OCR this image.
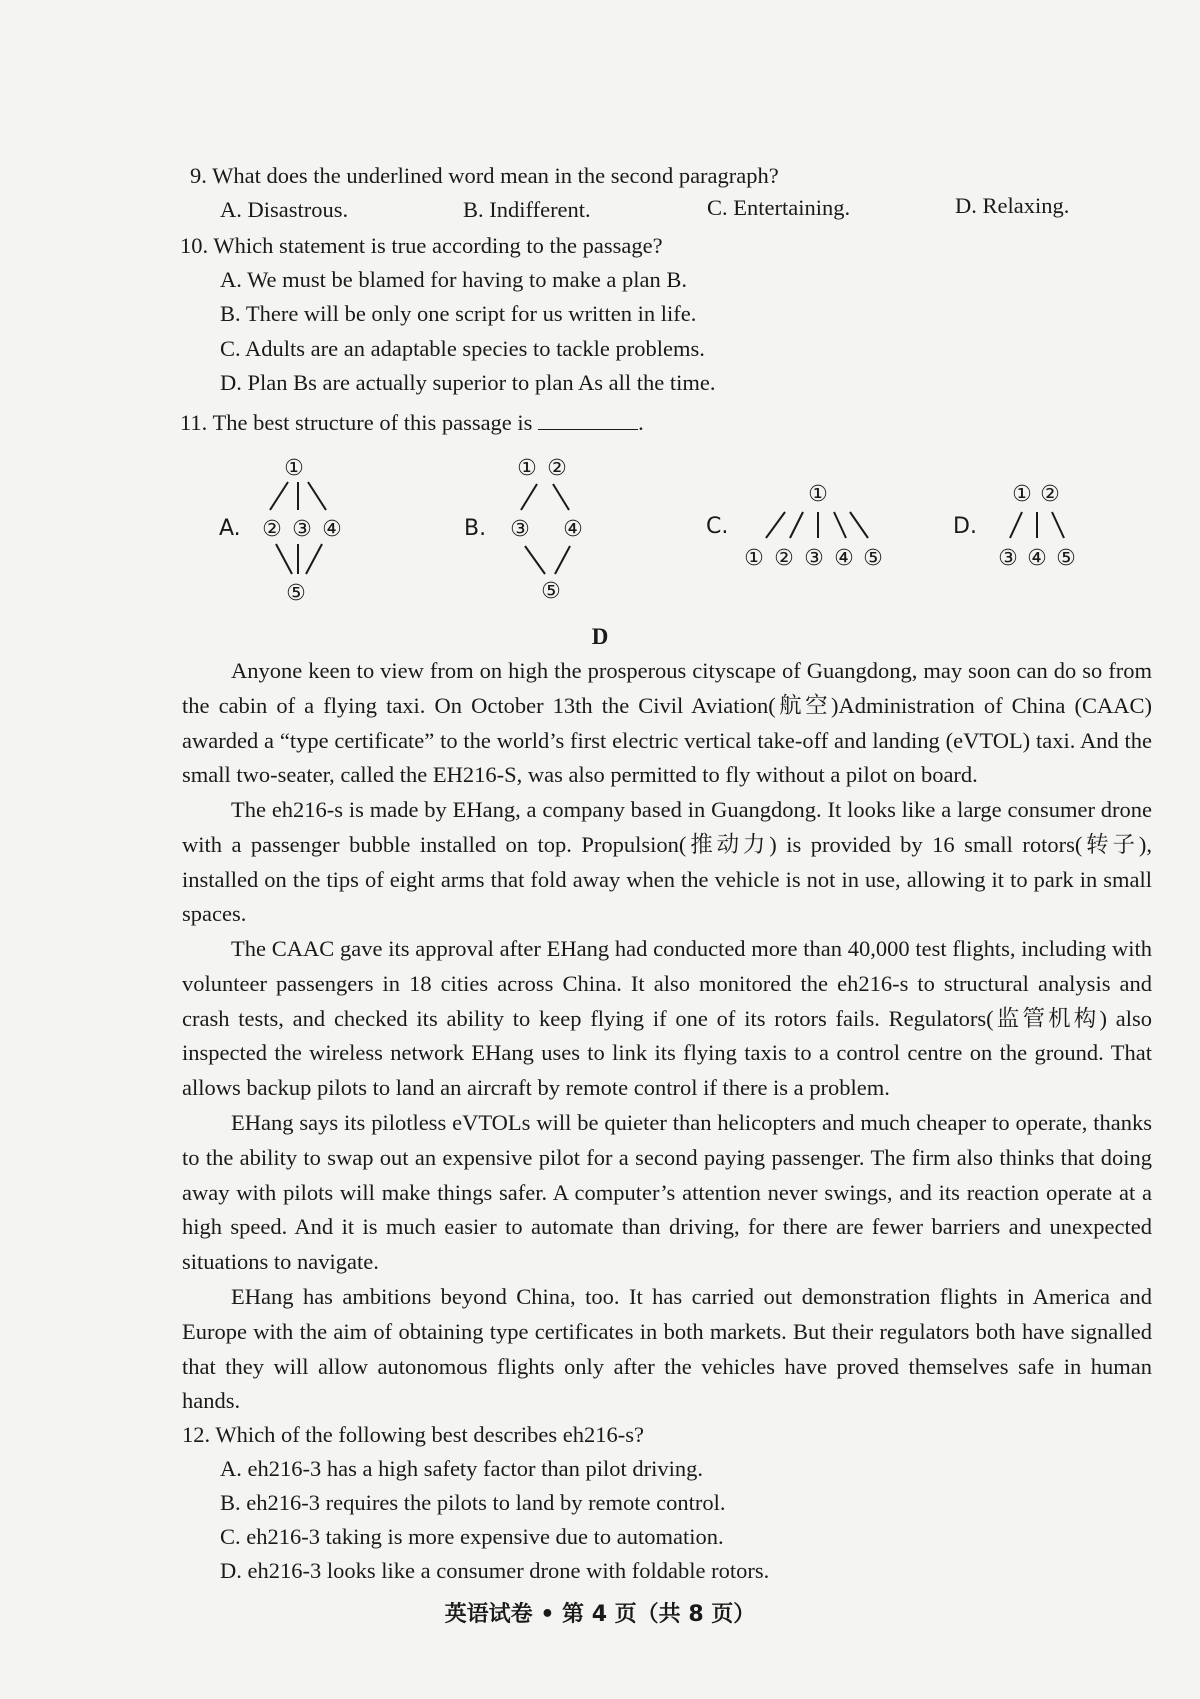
9. What does the underlined word mean in the second paragraph?
A. Disastrous.	B. Indifferent.	C. Entertaining.	D. Relaxing.
10. Which statement is true according to the passage?
A. We must be blamed for having to make a plan B.
B. There will be only one script for us written in life.
C. Adults are an adaptable species to tackle problems.
D. Plan Bs are actually superior to plan As all the time.
11. The best structure of this passage is	.
A.
①
② ③ ④
⑤
B.
① ②
③ ④
⑤
C.
①
① ② ③ ④ ⑤
D.
① ②
③ ④ ⑤
D
Anyone keen to view from on high the prosperous cityscape of Guangdong, may soon can do so from the cabin of a flying taxi. On October 13th the Civil Aviation(航空)Administration of China (CAAC) awarded a “type certificate” to the world’s first electric vertical take-off and landing (eVTOL) taxi. And the small two-seater, called the EH216-S, was also permitted to fly without a pilot on board.
The eh216-s is made by EHang, a company based in Guangdong. It looks like a large consumer drone with a passenger bubble installed on top. Propulsion(推动力) is provided by 16 small rotors(转子), installed on the tips of eight arms that fold away when the vehicle is not in use, allowing it to park in small spaces.
The CAAC gave its approval after EHang had conducted more than 40,000 test flights, including with volunteer passengers in 18 cities across China. It also monitored the eh216-s to structural analysis and crash tests, and checked its ability to keep flying if one of its rotors fails. Regulators(监管机构) also inspected the wireless network EHang uses to link its flying taxis to a control centre on the ground. That allows backup pilots to land an aircraft by remote control if there is a problem.
EHang says its pilotless eVTOLs will be quieter than helicopters and much cheaper to operate, thanks to the ability to swap out an expensive pilot for a second paying passenger. The firm also thinks that doing away with pilots will make things safer. A computer’s attention never swings, and its reaction operate at a high speed. And it is much easier to automate than driving, for there are fewer barriers and unexpected situations to navigate.
EHang has ambitions beyond China, too. It has carried out demonstration flights in America and Europe with the aim of obtaining type certificates in both markets. But their regulators both have signalled that they will allow autonomous flights only after the vehicles have proved themselves safe in human hands.
12. Which of the following best describes eh216-s?
A. eh216-3 has a high safety factor than pilot driving.
B. eh216-3 requires the pilots to land by remote control.
C. eh216-3 taking is more expensive due to automation.
D. eh216-3 looks like a consumer drone with foldable rotors.
英语试卷 • 第 4 页（共 8 页）
